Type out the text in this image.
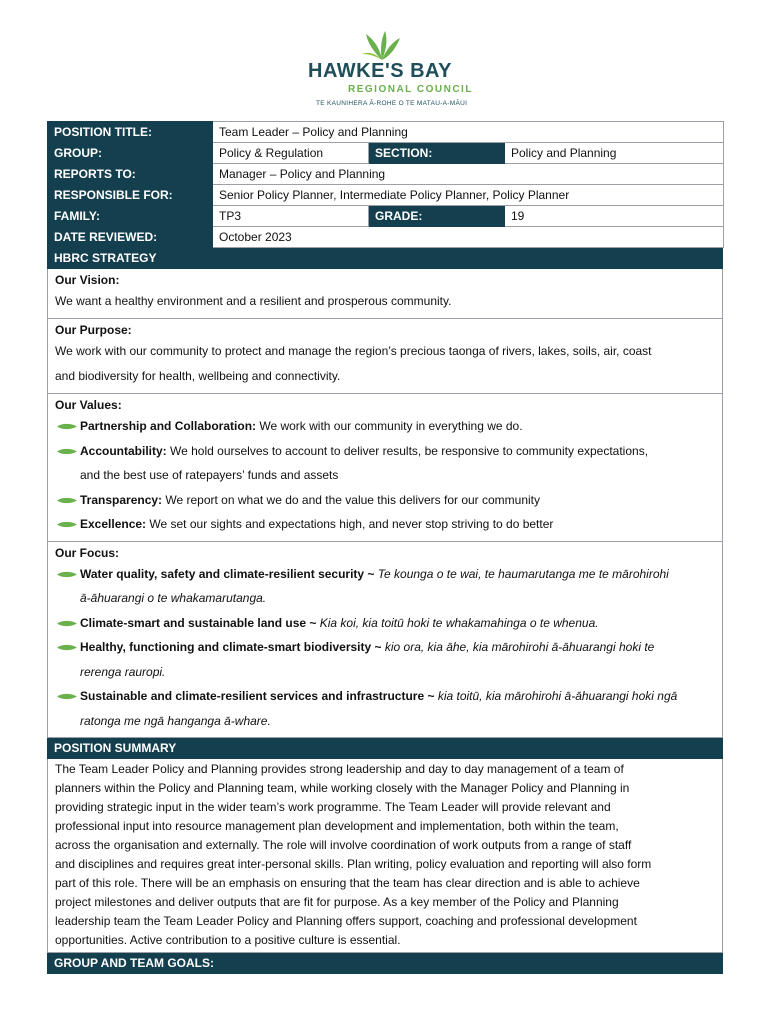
HAWKE'S BAY
REGIONAL COUNCIL
TE KAUNIHERA Ā-ROHE O TE MATAU-A-MĀUI
POSITION TITLE:	Team Leader – Policy and Planning		
GROUP:	Policy & Regulation	SECTION:	Policy and Planning
REPORTS TO:	Manager – Policy and Planning		
RESPONSIBLE FOR:	Senior Policy Planner, Intermediate Policy Planner, Policy Planner		
FAMILY:	TP3	GRADE:	19
DATE REVIEWED:	October 2023		
HBRC STRATEGY
Our Vision:

We want a healthy environment and a resilient and prosperous community.

Our Purpose:

We work with our community to protect and manage the region’s precious taonga of rivers, lakes, soils, air, coast

and biodiversity for health, wellbeing and connectivity.

Our Values:
Partnership and Collaboration: We work with our community in everything we do.
Accountability: We hold ourselves to account to deliver results, be responsive to community expectations,
and the best use of ratepayers’ funds and assets
Transparency: We report on what we do and the value this delivers for our community
Excellence: We set our sights and expectations high, and never stop striving to do better
Our Focus:
Water quality, safety and climate-resilient security ~ Te kounga o te wai, te haumarutanga me te mārohirohi
ā-āhuarangi o te whakamarutanga.
Climate-smart and sustainable land use ~ Kia koi, kia toitū hoki te whakamahinga o te whenua.
Healthy, functioning and climate-smart biodiversity ~ kio ora, kia āhe, kia mārohirohi ā-āhuarangi hoki te
rerenga rauropi.
Sustainable and climate-resilient services and infrastructure ~ kia toitū, kia mārohirohi ā-āhuarangi hoki ngā
ratonga me ngā hanganga ā-whare.
POSITION SUMMARY
The Team Leader Policy and Planning provides strong leadership and day to day management of a team of
planners within the Policy and Planning team, while working closely with the Manager Policy and Planning in
providing strategic input in the wider team’s work programme. The Team Leader will provide relevant and
professional input into resource management plan development and implementation, both within the team,
across the organisation and externally. The role will involve coordination of work outputs from a range of staff
and disciplines and requires great inter-personal skills. Plan writing, policy evaluation and reporting will also form
part of this role. There will be an emphasis on ensuring that the team has clear direction and is able to achieve
project milestones and deliver outputs that are fit for purpose. As a key member of the Policy and Planning
leadership team the Team Leader Policy and Planning offers support, coaching and professional development
opportunities. Active contribution to a positive culture is essential.
GROUP AND TEAM GOALS:
